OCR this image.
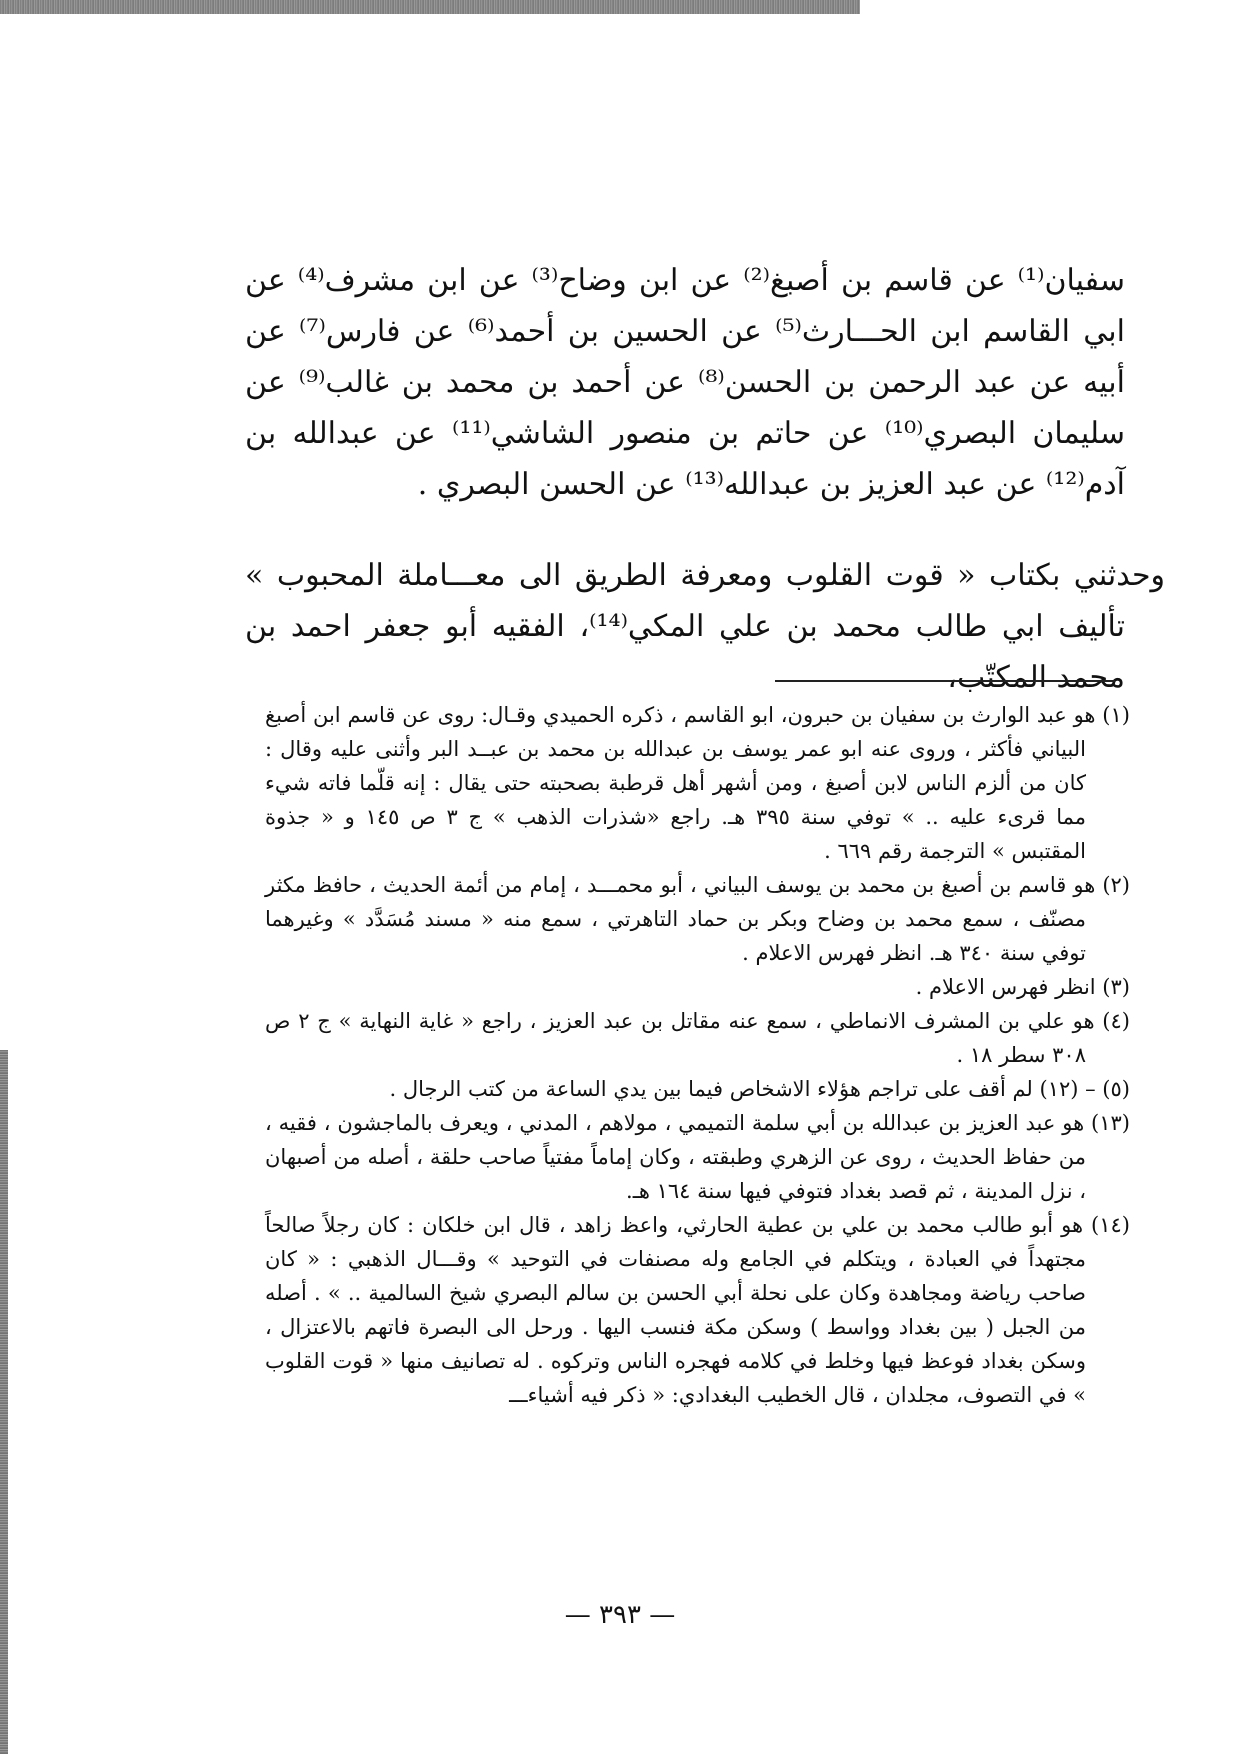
سفيان⁽¹⁾ عن قاسم بن أصبغ⁽²⁾ عن ابن وضاح⁽³⁾ عن ابن مشرف⁽⁴⁾ عن ابي القاسم ابن الحـــارث⁽⁵⁾ عن الحسين بن أحمد⁽⁶⁾ عن فارس⁽⁷⁾ عن أبيه عن عبد الرحمن بن الحسن⁽⁸⁾ عن أحمد بن محمد بن غالب⁽⁹⁾ عن سليمان البصري⁽¹⁰⁾ عن حاتم بن منصور الشاشي⁽¹¹⁾ عن عبدالله بن آدم⁽¹²⁾ عن عبد العزيز بن عبدالله⁽¹³⁾ عن الحسن البصري .

وحدثني بكتاب « قوت القلوب ومعرفة الطريق الى معـــاملة المحبوب » تأليف ابي طالب محمد بن علي المكي⁽¹⁴⁾، الفقيه أبو جعفر احمد بن محمد المكتّب،

(١) هو عبد الوارث بن سفيان بن حبرون، ابو القاسم ، ذكره الحميدي وقـال: روى عن قاسم ابن أصبغ البياني فأكثر ، وروى عنه ابو عمر يوسف بن عبدالله بن محمد بن عبــد البر وأثنى عليه وقال : كان من ألزم الناس لابن أصبغ ، ومن أشهر أهل قرطبة بصحبته حتى يقال : إنه قلّما فاته شيء مما قرىء عليه .. » توفي سنة ٣٩٥ هـ. راجع «شذرات الذهب » ج ٣ ص ١٤٥ و « جذوة المقتبس » الترجمة رقم ٦٦٩ .

(٢) هو قاسم بن أصبغ بن محمد بن يوسف البياني ، أبو محمـــد ، إمام من أئمة الحديث ، حافظ مكثر مصنّف ، سمع محمد بن وضاح وبكر بن حماد التاهرتي ، سمع منه « مسند مُسَدَّد » وغيرهما توفي سنة ٣٤٠ هـ. انظر فهرس الاعلام .

(٣) انظر فهرس الاعلام .

(٤) هو علي بن المشرف الانماطي ، سمع عنه مقاتل بن عبد العزيز ، راجع « غاية النهاية » ج ٢ ص ٣٠٨ سطر ١٨ .

(٥) – (١٢) لم أقف على تراجم هؤلاء الاشخاص فيما بين يدي الساعة من كتب الرجال .

(١٣) هو عبد العزيز بن عبدالله بن أبي سلمة التميمي ، مولاهم ، المدني ، ويعرف بالماجشون ، فقيه ، من حفاظ الحديث ، روى عن الزهري وطبقته ، وكان إماماً مفتياً صاحب حلقة ، أصله من أصبهان ، نزل المدينة ، ثم قصد بغداد فتوفي فيها سنة ١٦٤ هـ.

(١٤) هو أبو طالب محمد بن علي بن عطية الحارثي، واعظ زاهد ، قال ابن خلكان : كان رجلاً صالحاً مجتهداً في العبادة ، ويتكلم في الجامع وله مصنفات في التوحيد » وقـــال الذهبي : « كان صاحب رياضة ومجاهدة وكان على نحلة أبي الحسن بن سالم البصري شيخ السالمية .. » . أصله من الجبل ( بين بغداد وواسط ) وسكن مكة فنسب اليها . ورحل الى البصرة فاتهم بالاعتزال ، وسكن بغداد فوعظ فيها وخلط في كلامه فهجره الناس وتركوه . له تصانيف منها « قوت القلوب » في التصوف، مجلدان ، قال الخطيب البغدادي: « ذكر فيه أشياءـــ

— ٣٩٣ —
